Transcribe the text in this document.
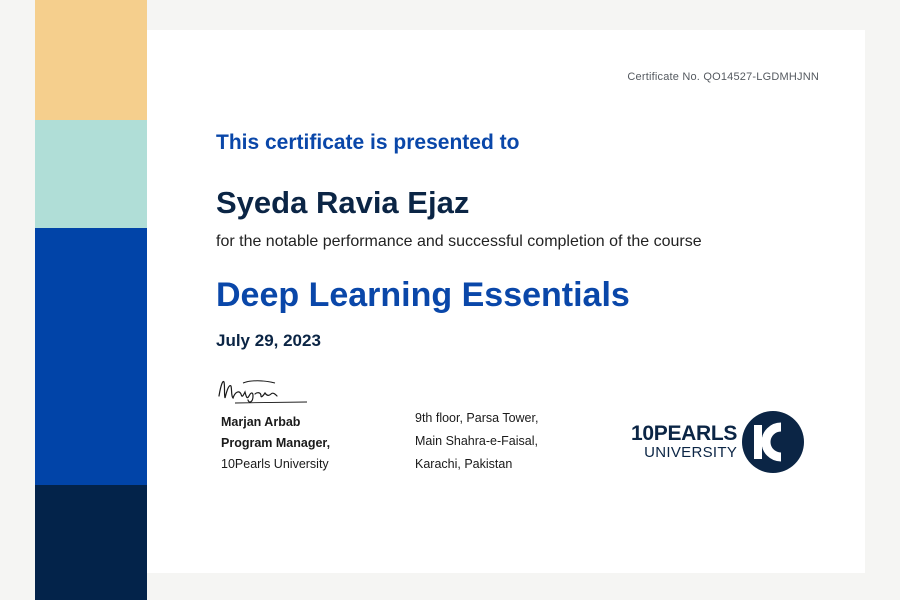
Certificate No. QO14527-LGDMHJNN
This certificate is presented to
Syeda Ravia Ejaz
for the notable performance and successful completion of the course
Deep Learning Essentials
July 29, 2023
Marjan
Marjan Arbab
Program Manager,
10Pearls University
9th floor, Parsa Tower,
Main Shahra-e-Faisal,
Karachi, Pakistan
10PEARLS
UNIVERSITY	10
